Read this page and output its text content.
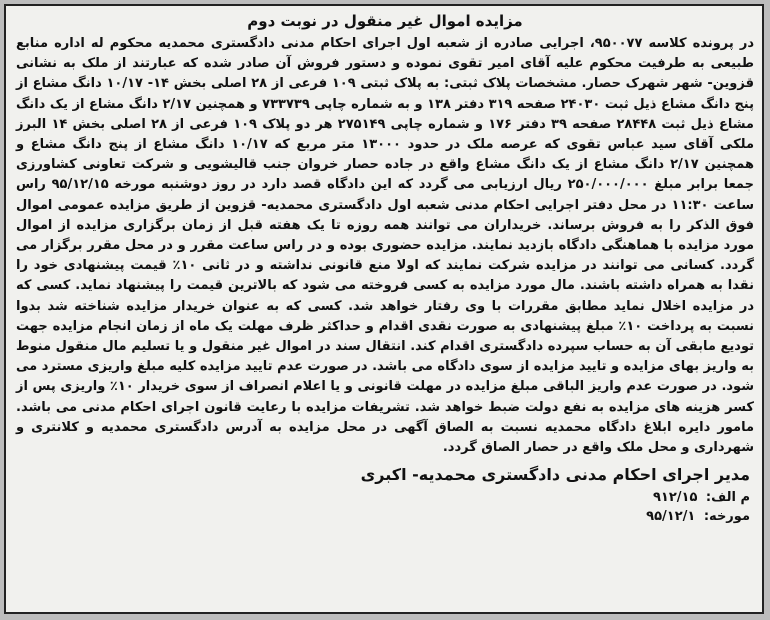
مزایده اموال غیر منقول در نوبت دوم

در پرونده کلاسه ۹۵۰۰۷۷، اجرایی صادره از شعبه اول اجرای احکام مدنی دادگستری محمدیه محکوم له اداره منابع طبیعی به طرفیت محکوم علیه آقای امیر تقوی نموده و دستور فروش آن صادر شده که عبارتند از ملک به نشانی قزوین- شهر شهرک حصار. مشخصات پلاک ثبتی: به پلاک ثبتی ۱۰۹ فرعی از ۲۸ اصلی بخش ۱۴- ۱۰/۱۷ دانگ مشاع از پنج دانگ مشاع ذیل ثبت ۲۴۰۳۰ صفحه ۳۱۹ دفتر ۱۳۸ و به شماره چاپی ۷۳۳۷۳۹ و همچنین ۲/۱۷ دانگ مشاع از یک دانگ مشاع ذیل ثبت ۲۸۴۴۸ صفحه ۳۹ دفتر ۱۷۶ و شماره چاپی ۲۷۵۱۴۹ هر دو پلاک ۱۰۹ فرعی از ۲۸ اصلی بخش ۱۴ البرز ملکی آقای سید عباس تقوی که عرصه ملک در حدود ۱۳۰۰۰ متر مربع که ۱۰/۱۷ دانگ مشاع از پنج دانگ مشاع و همچنین ۲/۱۷ دانگ مشاع از یک دانگ مشاع واقع در جاده حصار خروان جنب قالیشویی و شرکت تعاونی کشاورزی جمعا برابر مبلغ ۲۵۰/۰۰۰/۰۰۰ ریال ارزیابی می گردد که این دادگاه قصد دارد در روز دوشنبه مورخه ۹۵/۱۲/۱۵ راس ساعت ۱۱:۳۰ در محل دفتر اجرایی احکام مدنی شعبه اول دادگستری محمدیه- قزوین از طریق مزایده عمومی اموال فوق الذکر را به فروش برساند. خریداران می توانند همه روزه تا یک هفته قبل از زمان برگزاری مزایده از اموال مورد مزایده با هماهنگی دادگاه بازدید نمایند. مزایده حضوری بوده و در راس ساعت مقرر و در محل مقرر برگزار می گردد. کسانی می توانند در مزایده شرکت نمایند که اولا منع قانونی نداشته و در ثانی ۱۰٪ قیمت پیشنهادی خود را نقدا به همراه داشته باشند. مال مورد مزایده به کسی فروخته می شود که بالاترین قیمت را پیشنهاد نماید. کسی که در مزایده اخلال نماید مطابق مقررات با وی رفتار خواهد شد. کسی که به عنوان خریدار مزایده شناخته شد بدوا نسبت به پرداخت ۱۰٪ مبلغ پیشنهادی به صورت نقدی اقدام و حداکثر ظرف مهلت یک ماه از زمان انجام مزایده جهت تودیع مابقی آن به حساب سپرده دادگستری اقدام کند. انتقال سند در اموال غیر منقول و یا تسلیم مال منقول منوط به واریز بهای مزایده و تایید مزایده از سوی دادگاه می باشد. در صورت عدم تایید مزایده کلیه مبلغ واریزی مسترد می شود. در صورت عدم واریز الباقی مبلغ مزایده در مهلت قانونی و یا اعلام انصراف از سوی خریدار ۱۰٪ واریزی پس از کسر هزینه های مزایده به نفع دولت ضبط خواهد شد. تشریفات مزایده با رعایت قانون اجرای احکام مدنی می باشد. مامور دایره ابلاغ دادگاه محمدیه نسبت به الصاق آگهی در محل مزایده به آدرس دادگستری محمدیه و کلانتری و شهرداری و محل ملک واقع در حصار الصاق گردد.

مدیر اجرای احکام مدنی دادگستری محمدیه- اکبری
م الف: ۹۱۲/۱۵
مورخه: ۹۵/۱۲/۱
